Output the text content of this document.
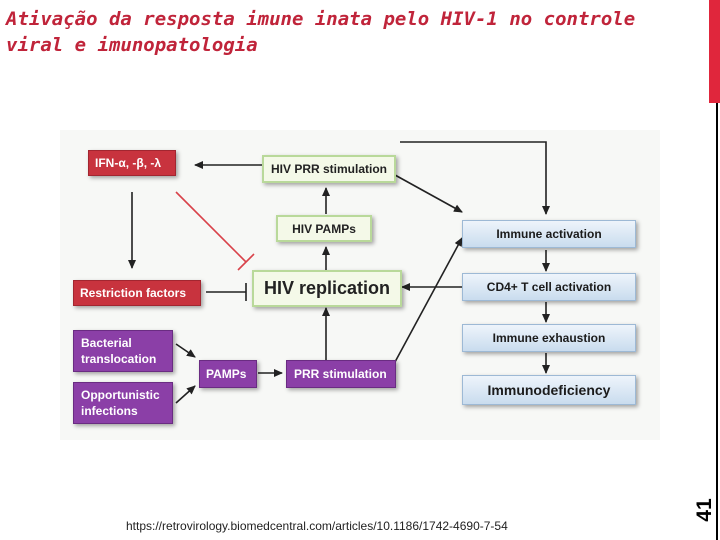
Ativação da resposta imune inata pelo HIV-1 no controle viral e imunopatologia
41
IFN-α, -β, -λ	HIV PRR stimulation
HIV PAMPs
HIV replication
Restriction factors
Bacterial translocation
Opportunistic infections
PAMPs	PRR stimulation
Immune activation
CD4+ T cell activation
Immune exhaustion
Immunodeficiency
https://retrovirology.biomedcentral.com/articles/10.1186/1742-4690-7-54
